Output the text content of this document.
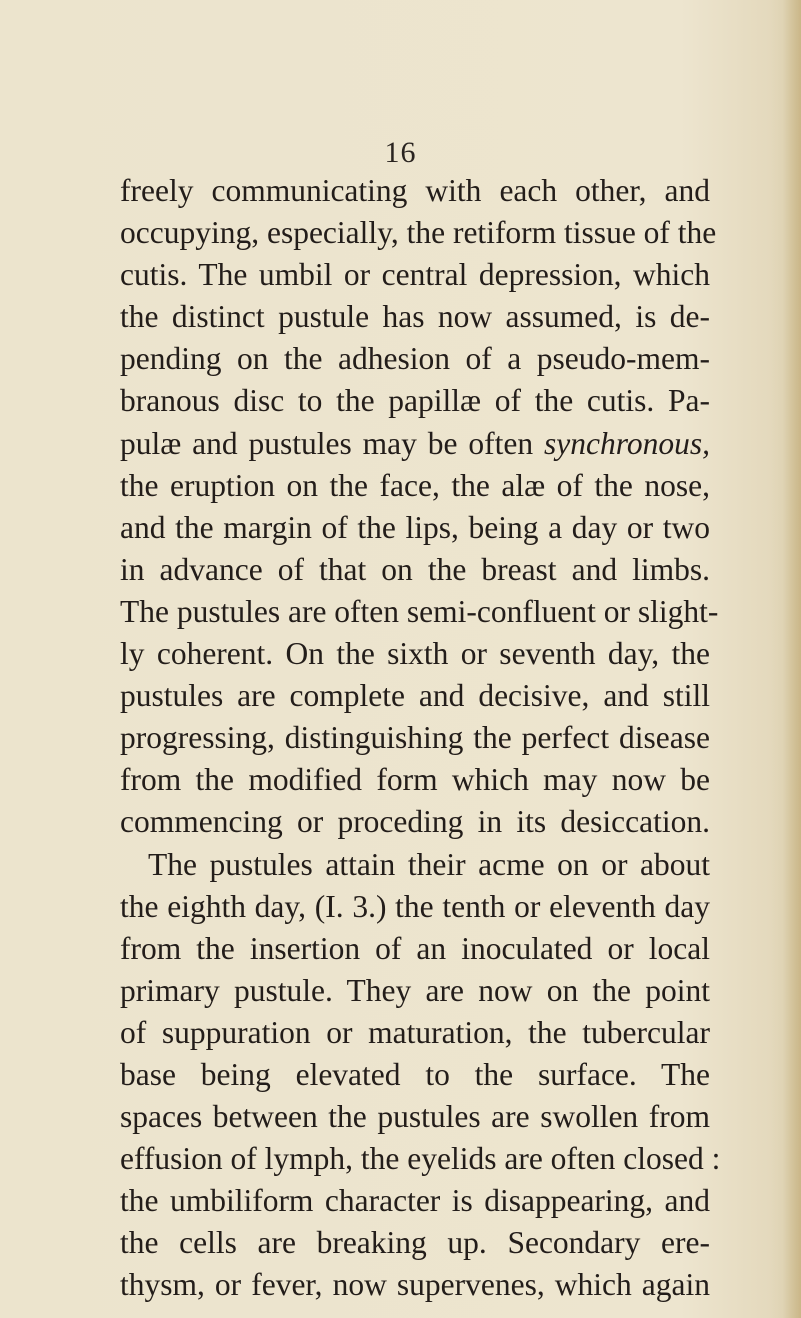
16
freely communicating with each other, and
occupying, especially, the retiform tissue of the
cutis. The umbil or central depression, which
the distinct pustule has now assumed, is de-
pending on the adhesion of a pseudo-mem-
branous disc to the papillæ of the cutis. Pa-
pulæ and pustules may be often synchronous,
the eruption on the face, the alæ of the nose,
and the margin of the lips, being a day or two
in advance of that on the breast and limbs.
The pustules are often semi-confluent or slight-
ly coherent. On the sixth or seventh day, the
pustules are complete and decisive, and still
progressing, distinguishing the perfect disease
from the modified form which may now be
commencing or proceding in its desiccation.
The pustules attain their acme on or about
the eighth day, (I. 3.) the tenth or eleventh day
from the insertion of an inoculated or local
primary pustule. They are now on the point
of suppuration or maturation, the tubercular
base being elevated to the surface. The
spaces between the pustules are swollen from
effusion of lymph, the eyelids are often closed :
the umbiliform character is disappearing, and
the cells are breaking up. Secondary ere-
thysm, or fever, now supervenes, which again
